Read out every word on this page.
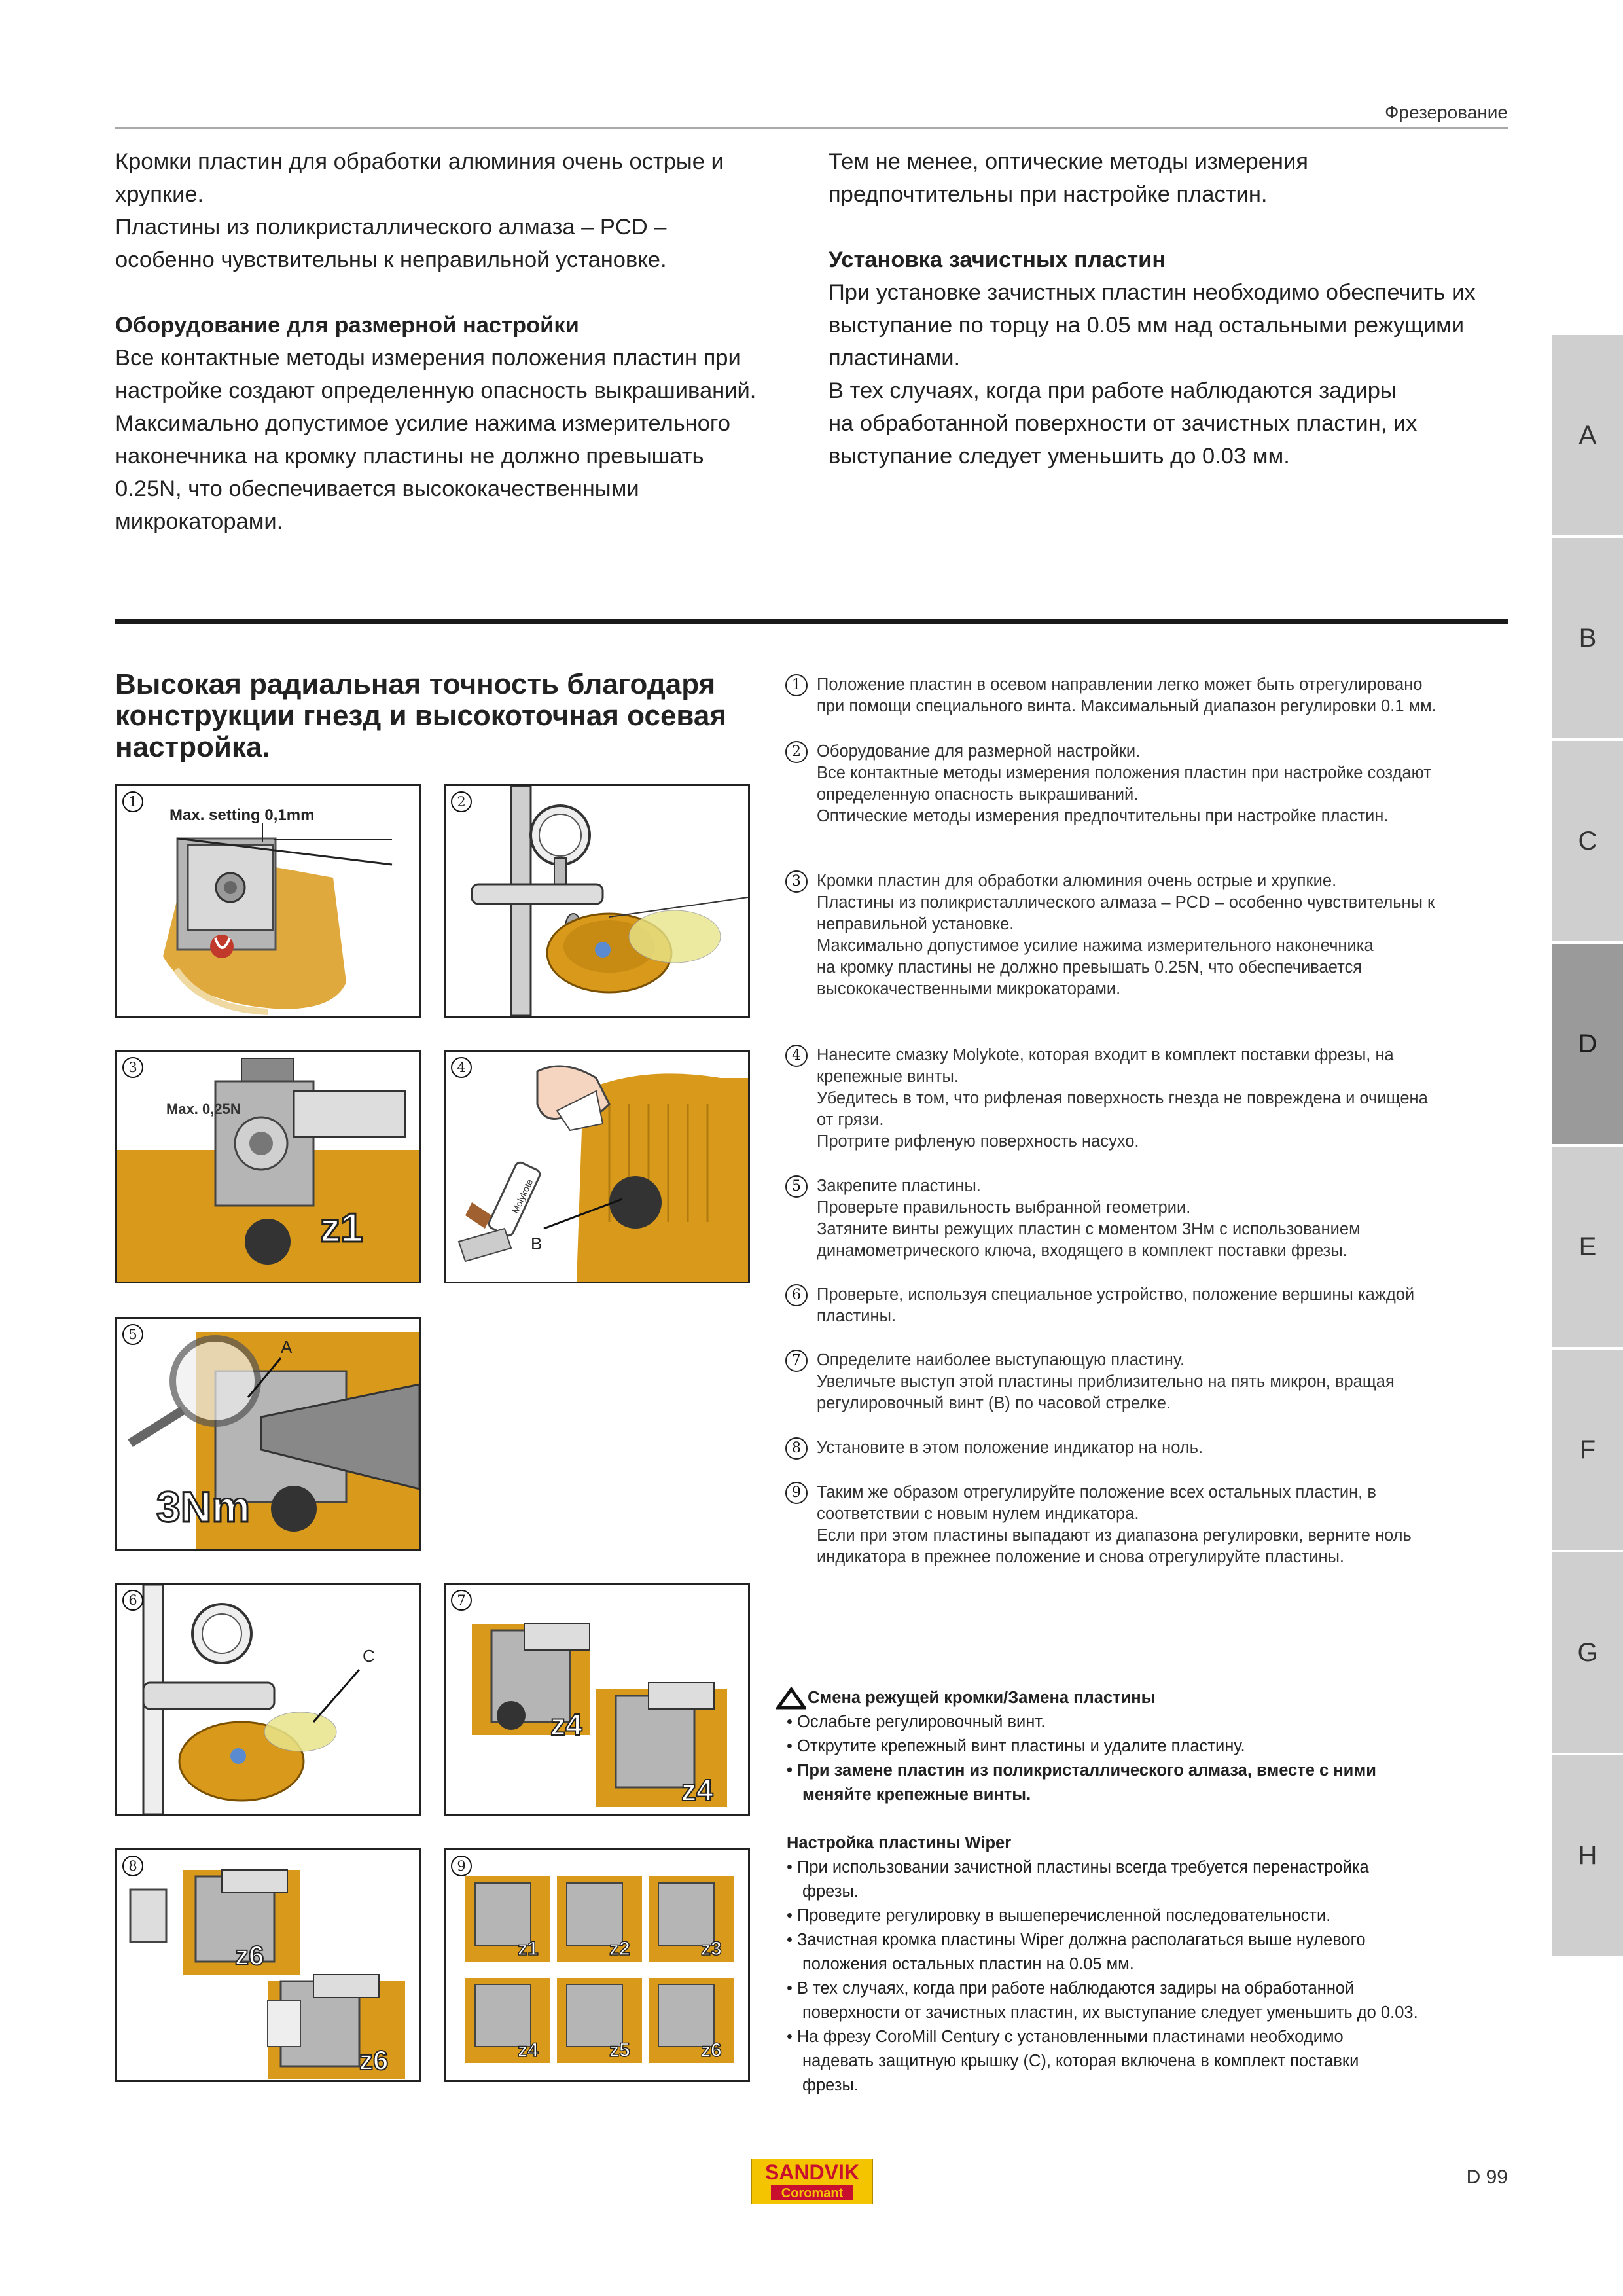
Фрезерование

Кромки пластин для обработки алюминия очень острые и

хрупкие.

Пластины из поликристаллического алмаза – PCD –

особенно чувствительны к неправильной установке.

Оборудование для размерной настройки

Все контактные методы измерения положения пластин при

настройке создают определенную опасность выкрашиваний.

Максимально допустимое усилие нажима измерительного

наконечника на кромку пластины не должно превышать

0.25N, что обеспечивается высококачественными

микрокаторами.

Тем не менее, оптические методы измерения

предпочтительны при настройке пластин.

Установка зачистных пластин

При установке зачистных пластин необходимо обеспечить их

выступание по торцу на 0.05 мм над остальными режущими

пластинами.

В тех случаях, когда при работе наблюдаются задиры

на обработанной поверхности от зачистных пластин, их

выступание следует уменьшить до 0.03 мм.

Высокая радиальная точность благодаря
конструкции гнезд и высокоточная осевая
настройка.
1
Max. setting 0,1mm
2
3
Max. 0,25N
z1
4
Molykote
B
5
A
3Nm
6
C
7
z4
z4
8
z6
z6
9
z1	z2	z3
z4	z5	z6
1 Положение пластин в осевом направлении легко может быть отрегулировано

при помощи специального винта. Максимальный диапазон регулировки 0.1 мм.

2 Оборудование для размерной настройки.

Все контактные методы измерения положения пластин при настройке создают

определенную опасность выкрашиваний.

Оптические методы измерения предпочтительны при настройке пластин.

3 Кромки пластин для обработки алюминия очень острые и хрупкие.

Пластины из поликристаллического алмаза – PCD – особенно чувствительны к

неправильной установке.

Максимально допустимое усилие нажима измерительного наконечника

на кромку пластины не должно превышать 0.25N, что обеспечивается

высококачественными микрокаторами.

4 Нанесите смазку Molykote, которая входит в комплект поставки фрезы, на

крепежные винты.

Убедитесь в том, что рифленая поверхность гнезда не повреждена и очищена

от грязи.

Протрите рифленую поверхность насухо.

5 Закрепите пластины.

Проверьте правильность выбранной геометрии.

Затяните винты режущих пластин с моментом 3Нм с использованием

динамометрического ключа, входящего в комплект поставки фрезы.

6 Проверьте, используя специальное устройство, положение вершины каждой

пластины.

7 Определите наиболее выступающую пластину.

Увеличьте выступ этой пластины приблизительно на пять микрон, вращая

регулировочный винт (B) по часовой стрелке.

8 Установите в этом положение индикатор на ноль.

9 Таким же образом отрегулируйте положение всех остальных пластин, в

соответствии с новым нулем индикатора.

Если при этом пластины выпадают из диапазона регулировки, верните ноль

индикатора в прежнее положение и снова отрегулируйте пластины.

Смена режущей кромки/Замена пластины

• Ослабьте регулировочный винт.

• Открутите крепежный винт пластины и удалите пластину.

• При замене пластин из поликристаллического алмаза, вместе с ними

меняйте крепежные винты.

Настройка пластины Wiper

• При использовании зачистной пластины всегда требуется перенастройка

фрезы.

• Проведите регулировку в вышеперечисленной последовательности.

• Зачистная кромка пластины Wiper должна располагаться выше нулевого

положения остальных пластин на 0.05 мм.

• В тех случаях, когда при работе наблюдаются задиры на обработанной

поверхности от зачистных пластин, их выступание следует уменьшить до 0.03.

• На фрезу CoroMill Century с установленными пластинами необходимо

надевать защитную крышку (C), которая включена в комплект поставки

фрезы.

A
B
C
D
E
F
G
H
SANDVIK
Coromant
D 99
